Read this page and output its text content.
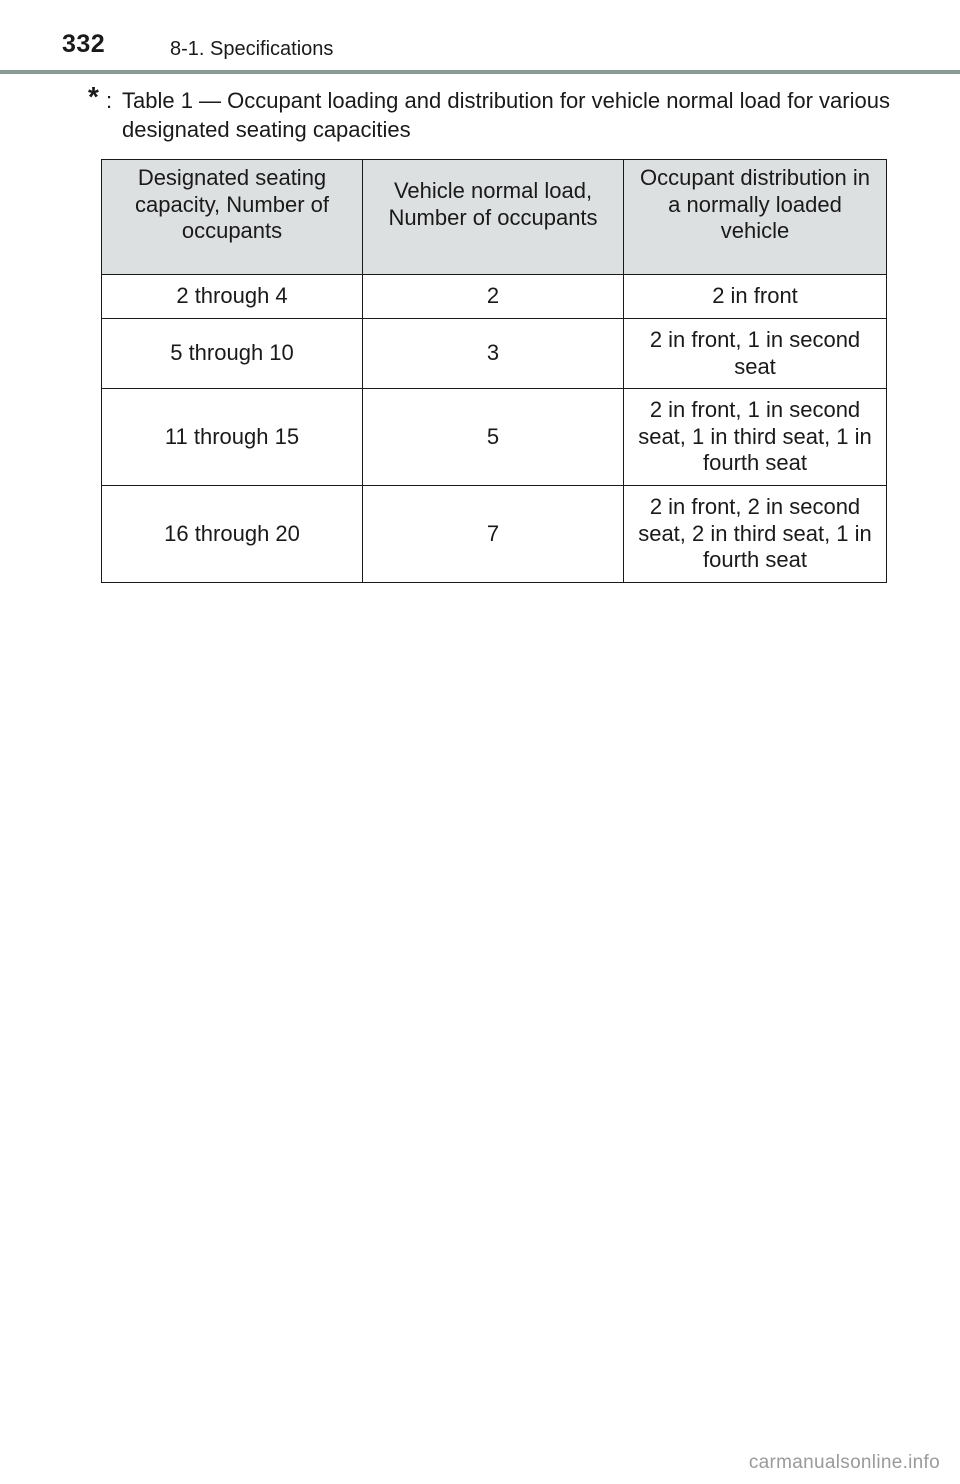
332	8-1. Specifications
* : Table 1 — Occupant loading and distribution for vehicle normal load for various designated seating capacities
Designated seating capacity, Number of occupants	Vehicle normal load, Number of occupants	Occupant distribution in a normally loaded vehicle
2 through 4	2	2 in front
5 through 10	3	2 in front, 1 in second seat
11 through 15	5	2 in front, 1 in second seat, 1 in third seat, 1 in fourth seat
16 through 20	7	2 in front, 2 in second seat, 2 in third seat, 1 in fourth seat
carmanualsonline.info
